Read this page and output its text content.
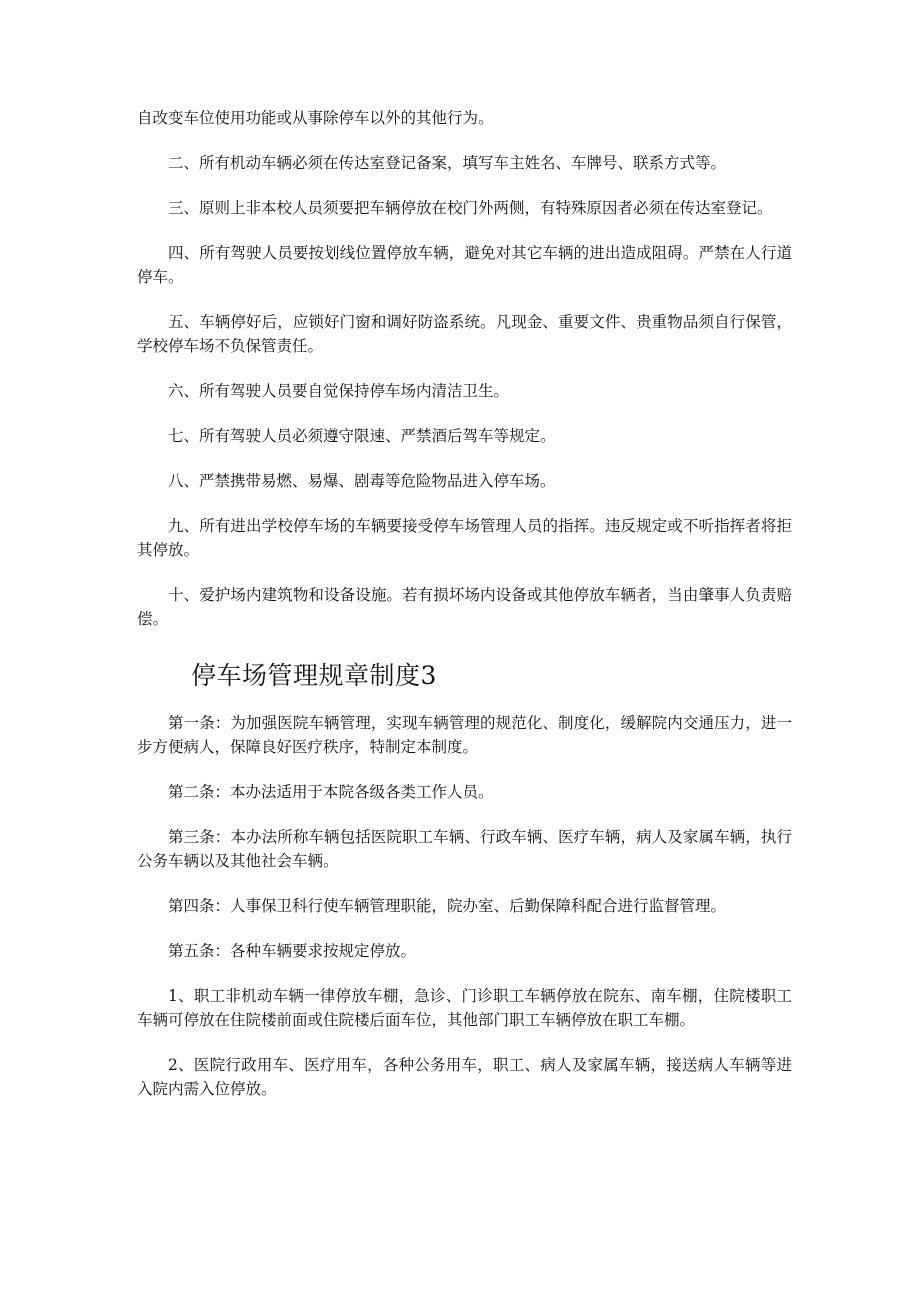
自改变车位使用功能或从事除停车以外的其他行为。

二、所有机动车辆必须在传达室登记备案，填写车主姓名、车牌号、联系方式等。

三、原则上非本校人员须要把车辆停放在校门外两侧，有特殊原因者必须在传达室登记。

四、所有驾驶人员要按划线位置停放车辆，避免对其它车辆的进出造成阻碍。严禁在人行道停车。

五、车辆停好后，应锁好门窗和调好防盗系统。凡现金、重要文件、贵重物品须自行保管，学校停车场不负保管责任。

六、所有驾驶人员要自觉保持停车场内清洁卫生。

七、所有驾驶人员必须遵守限速、严禁酒后驾车等规定。

八、严禁携带易燃、易爆、剧毒等危险物品进入停车场。

九、所有进出学校停车场的车辆要接受停车场管理人员的指挥。违反规定或不听指挥者将拒其停放。

十、爱护场内建筑物和设备设施。若有损坏场内设备或其他停放车辆者，当由肇事人负责赔偿。

停车场管理规章制度3

第一条：为加强医院车辆管理，实现车辆管理的规范化、制度化，缓解院内交通压力，进一步方便病人，保障良好医疗秩序，特制定本制度。

第二条：本办法适用于本院各级各类工作人员。

第三条：本办法所称车辆包括医院职工车辆、行政车辆、医疗车辆，病人及家属车辆，执行公务车辆以及其他社会车辆。

第四条：人事保卫科行使车辆管理职能，院办室、后勤保障科配合进行监督管理。

第五条：各种车辆要求按规定停放。

1、职工非机动车辆一律停放车棚，急诊、门诊职工车辆停放在院东、南车棚，住院楼职工车辆可停放在住院楼前面或住院楼后面车位，其他部门职工车辆停放在职工车棚。

2、医院行政用车、医疗用车，各种公务用车，职工、病人及家属车辆，接送病人车辆等进入院内需入位停放。
